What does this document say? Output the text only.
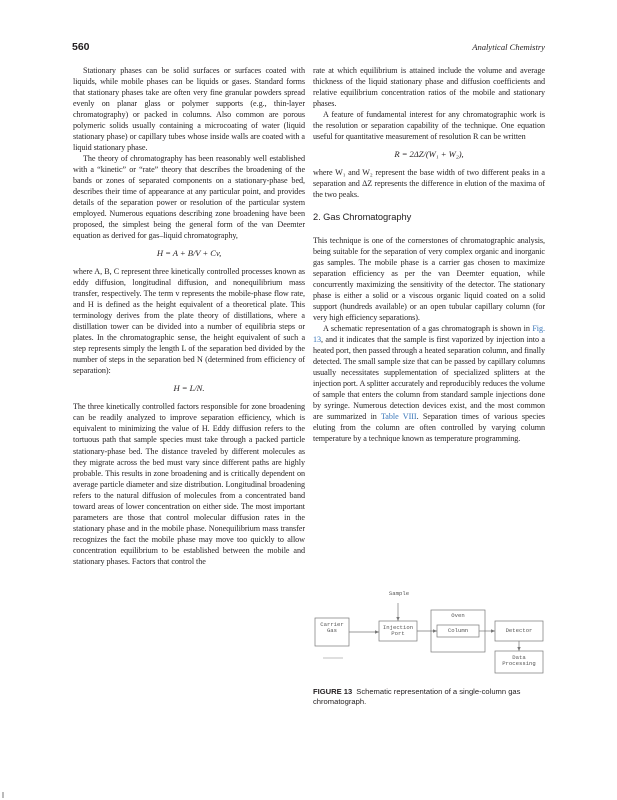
560	Analytical Chemistry

Stationary phases can be solid surfaces or surfaces coated with liquids, while mobile phases can be liquids or gases. Standard forms that stationary phases take are often very fine granular powders spread evenly on planar glass or polymer supports (e.g., thin-layer chromatography) or packed in columns. Also common are porous polymeric solids usually containing a microcoating of water (liquid stationary phase) or capillary tubes whose inside walls are coated with a liquid stationary phase.

The theory of chromatography has been reasonably well established with a “kinetic” or “rate” theory that describes the broadening of the bands or zones of separated components on a stationary-phase bed, describes their time of appearance at any particular point, and provides details of the separation power or resolution of the particular system employed. Numerous equations describing zone broadening have been proposed, the simplest being the general form of the van Deemter equation as derived for gas–liquid chromatography,

H = A + B/V + Cv,

where A, B, C represent three kinetically controlled processes known as eddy diffusion, longitudinal diffusion, and nonequilibrium mass transfer, respectively. The term v represents the mobile-phase flow rate, and H is defined as the height equivalent of a theoretical plate. This terminology derives from the plate theory of distillations, where a distillation tower can be divided into a number of equilibria steps or plates. In the chromatographic sense, the height equivalent of such a step represents simply the length L of the separation bed divided by the number of steps in the separation bed N (determined from efficiency of separation):

H = L/N.

The three kinetically controlled factors responsible for zone broadening can be readily analyzed to improve separation efficiency, which is equivalent to minimizing the value of H. Eddy diffusion refers to the tortuous path that sample species must take through a packed particle stationary-phase bed. The distance traveled by different molecules as they migrate across the bed must vary since different paths are highly probable. This results in zone broadening and is critically dependent on average particle diameter and size distribution. Longitudinal broadening refers to the natural diffusion of molecules from a concentrated band toward areas of lower concentration on either side. The most important parameters are those that control molecular diffusion rates in the stationary phase and in the mobile phase. Nonequilibrium mass transfer recognizes the fact the mobile phase may move too quickly to allow concentration equilibrium to be established between the mobile and stationary phases. Factors that control the

rate at which equilibrium is attained include the volume and average thickness of the liquid stationary phase and diffusion coefficients and relative equilibrium concentration ratios of the mobile and stationary phases.

A feature of fundamental interest for any chromatographic work is the resolution or separation capability of the technique. One equation useful for quantitative measurement of resolution R can be written

R = 2ΔZ/(W₁ + W₂),

where W₁ and W₂ represent the base width of two different peaks in a separation and ΔZ represents the difference in elution of the maxima of the two peaks.

2. Gas Chromatography

This technique is one of the cornerstones of chromatographic analysis, being suitable for the separation of very complex organic and inorganic gas samples. The mobile phase is a carrier gas chosen to maximize separation efficiency as per the van Deemter equation, while concurrently maximizing the sensitivity of the detector. The stationary phase is either a solid or a viscous organic liquid coated on a solid support (hundreds available) or an open tubular capillary column (for very high efficiency separations).

A schematic representation of a gas chromatograph is shown in Fig. 13, and it indicates that the sample is first vaporized by injection into a heated port, then passed through a heated separation column, and finally detected. The small sample size that can be passed by capillary columns usually necessitates supplementation of specialized splitters at the injection port. A splitter accurately and reproducibly reduces the volume of sample that enters the column from standard sample injections done by syringe. Numerous detection devices exist, and the most common are summarized in Table VIII. Separation times of various species eluting from the column are often controlled by varying column temperature by a technique known as temperature programming.

Sample
Carrier
Gas	Injection
Port
Oven
Column	Detector
Data
Processing
FIGURE 13 Schematic representation of a single-column gas chromatograph.
